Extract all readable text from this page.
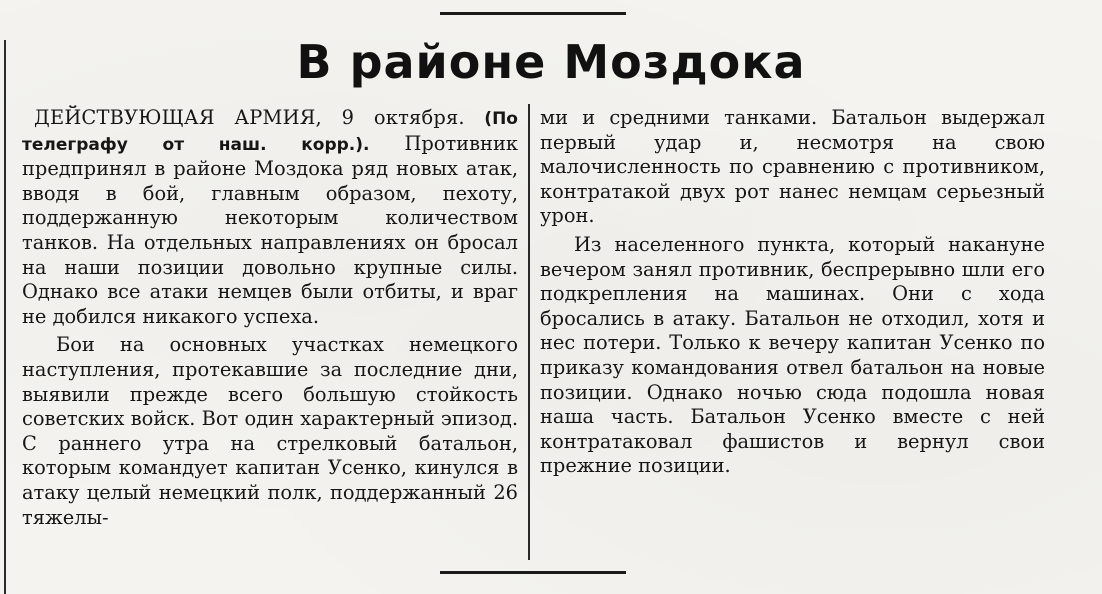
В районе Моздока

ДЕЙСТВУЮЩАЯ АРМИЯ, 9 октября. (По телеграфу от наш. корр.). Противник предпринял в районе Моздока ряд новых атак, вводя в бой, главным образом, пехоту, поддержанную некоторым количеством танков. На отдельных направлениях он бросал на наши позиции довольно крупные силы. Однако все атаки немцев были отбиты, и враг не добился никакого успеха.

Бои на основных участках немецкого наступления, протекавшие за последние дни, выявили прежде всего большую стойкость советских войск. Вот один характерный эпизод. С раннего утра на стрелковый батальон, которым командует капитан Усенко, кинулся в атаку целый немецкий полк, поддержанный 26 тяжелы-

ми и средними танками. Батальон выдержал первый удар и, несмотря на свою малочисленность по сравнению с противником, контратакой двух рот нанес немцам серьезный урон.

Из населенного пункта, который накануне вечером занял противник, беспрерывно шли его подкрепления на машинах. Они с хода бросались в атаку. Батальон не отходил, хотя и нес потери. Только к вечеру капитан Усенко по приказу командования отвел батальон на новые позиции. Однако ночью сюда подошла новая наша часть. Батальон Усенко вместе с ней контратаковал фашистов и вернул свои прежние позиции.
